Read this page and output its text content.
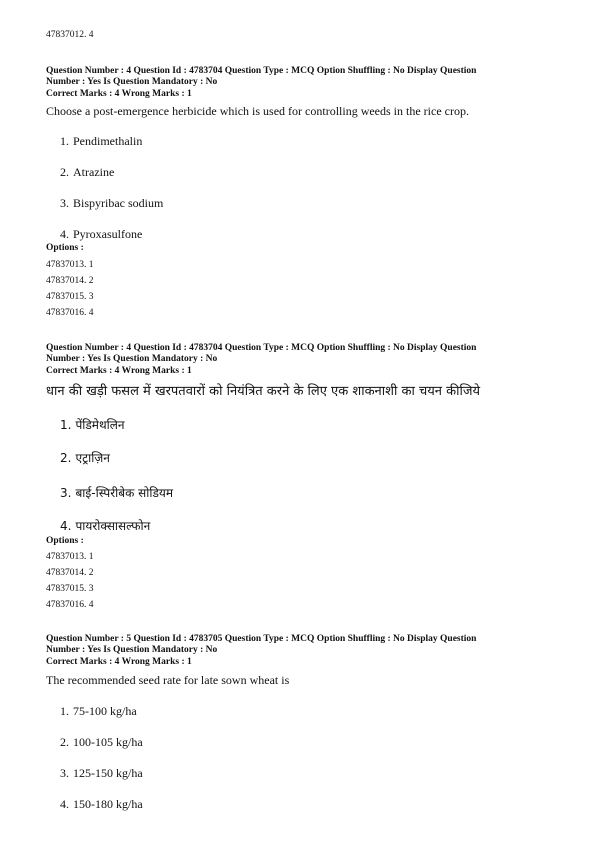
47837012. 4
Question Number : 4 Question Id : 4783704 Question Type : MCQ Option Shuffling : No Display Question
Number : Yes Is Question Mandatory : No
Correct Marks : 4 Wrong Marks : 1
Choose a post-emergence herbicide which is used for controlling weeds in the rice crop.
1. Pendimethalin
2. Atrazine
3. Bispyribac sodium
4. Pyroxasulfone
Options :
47837013. 1
47837014. 2
47837015. 3
47837016. 4
Question Number : 4 Question Id : 4783704 Question Type : MCQ Option Shuffling : No Display Question
Number : Yes Is Question Mandatory : No
Correct Marks : 4 Wrong Marks : 1
धान की खड़ी फसल में खरपतवारों को नियंत्रित करने के लिए एक शाकनाशी का चयन कीजिये
1. पेंडिमेथलिन
2. एट्राज़िन
3. बाई-स्पिरीबेक सोडियम
4. पायरोक्सासल्फोन
Options :
47837013. 1
47837014. 2
47837015. 3
47837016. 4
Question Number : 5 Question Id : 4783705 Question Type : MCQ Option Shuffling : No Display Question
Number : Yes Is Question Mandatory : No
Correct Marks : 4 Wrong Marks : 1
The recommended seed rate for late sown wheat is
1. 75-100 kg/ha
2. 100-105 kg/ha
3. 125-150 kg/ha
4. 150-180 kg/ha
